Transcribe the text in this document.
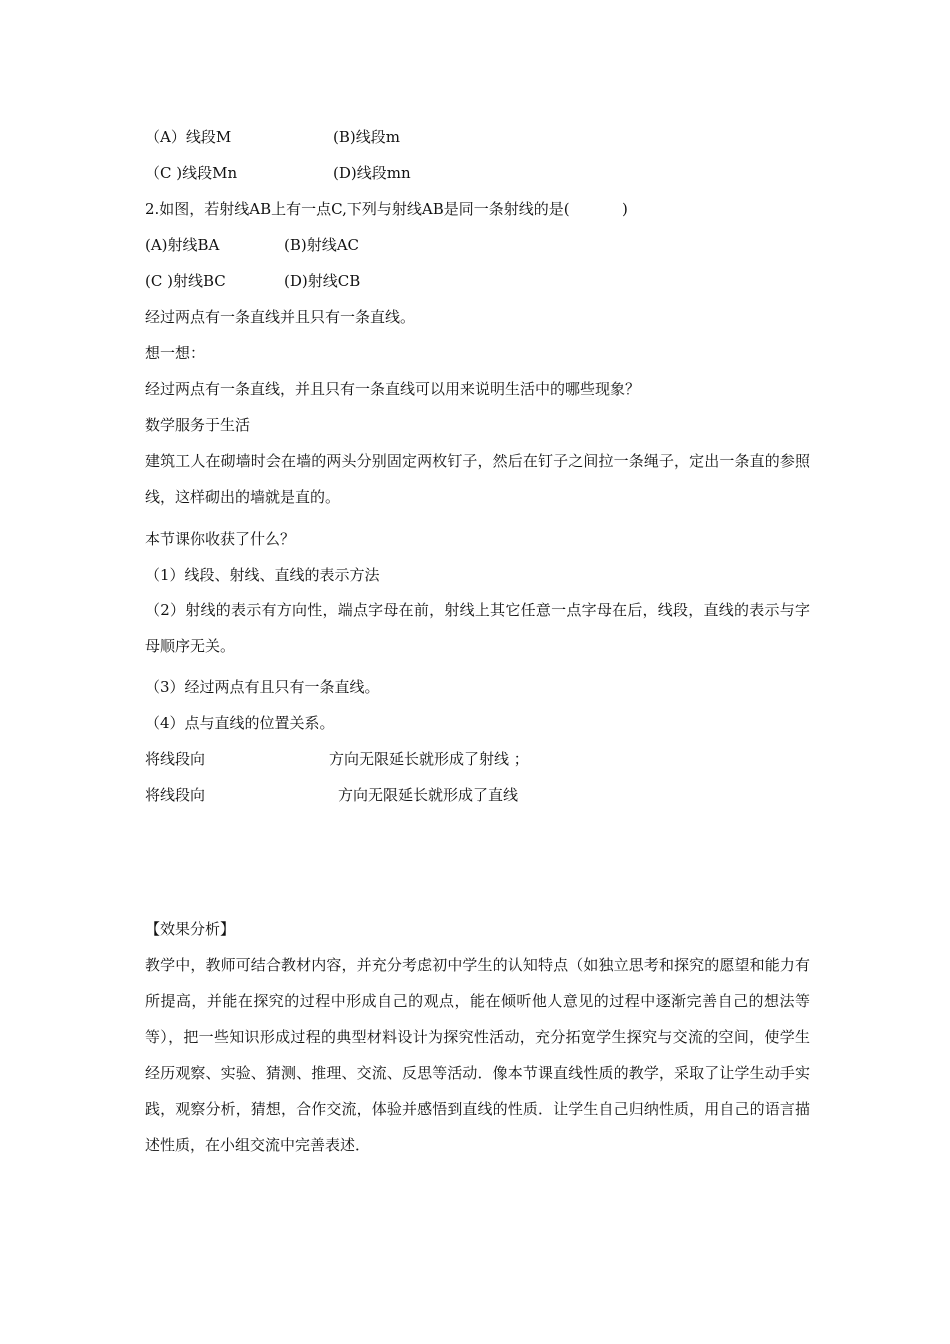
（A）线段M	(B)线段m
（C )线段Mn	(D)线段mn
2.如图，若射线AB上有一点C,下列与射线AB是同一条射线的是(           )
(A)射线BA	(B)射线AC
(C )射线BC	(D)射线CB
经过两点有一条直线并且只有一条直线。
想一想：
经过两点有一条直线，并且只有一条直线可以用来说明生活中的哪些现象？
数学服务于生活
建筑工人在砌墙时会在墙的两头分别固定两枚钉子，然后在钉子之间拉一条绳子，定出一条直的参照线，这样砌出的墙就是直的。
本节课你收获了什么？
（1）线段、射线、直线的表示方法
（2）射线的表示有方向性，端点字母在前，射线上其它任意一点字母在后，线段，直线的表示与字母顺序无关。
（3）经过两点有且只有一条直线。
（4）点与直线的位置关系。
将线段向	方向无限延长就形成了射线 ；
将线段向	方向无限延长就形成了直线
【效果分析】
教学中，教师可结合教材内容，并充分考虑初中学生的认知特点（如独立思考和探究的愿望和能力有所提高，并能在探究的过程中形成自己的观点，能在倾听他人意见的过程中逐渐完善自己的想法等等），把一些知识形成过程的典型材料设计为探究性活动，充分拓宽学生探究与交流的空间，使学生经历观察、实验、猜测、推理、交流、反思等活动．像本节课直线性质的教学，采取了让学生动手实践，观察分析，猜想，合作交流，体验并感悟到直线的性质．让学生自己归纳性质，用自己的语言描述性质，在小组交流中完善表述．
